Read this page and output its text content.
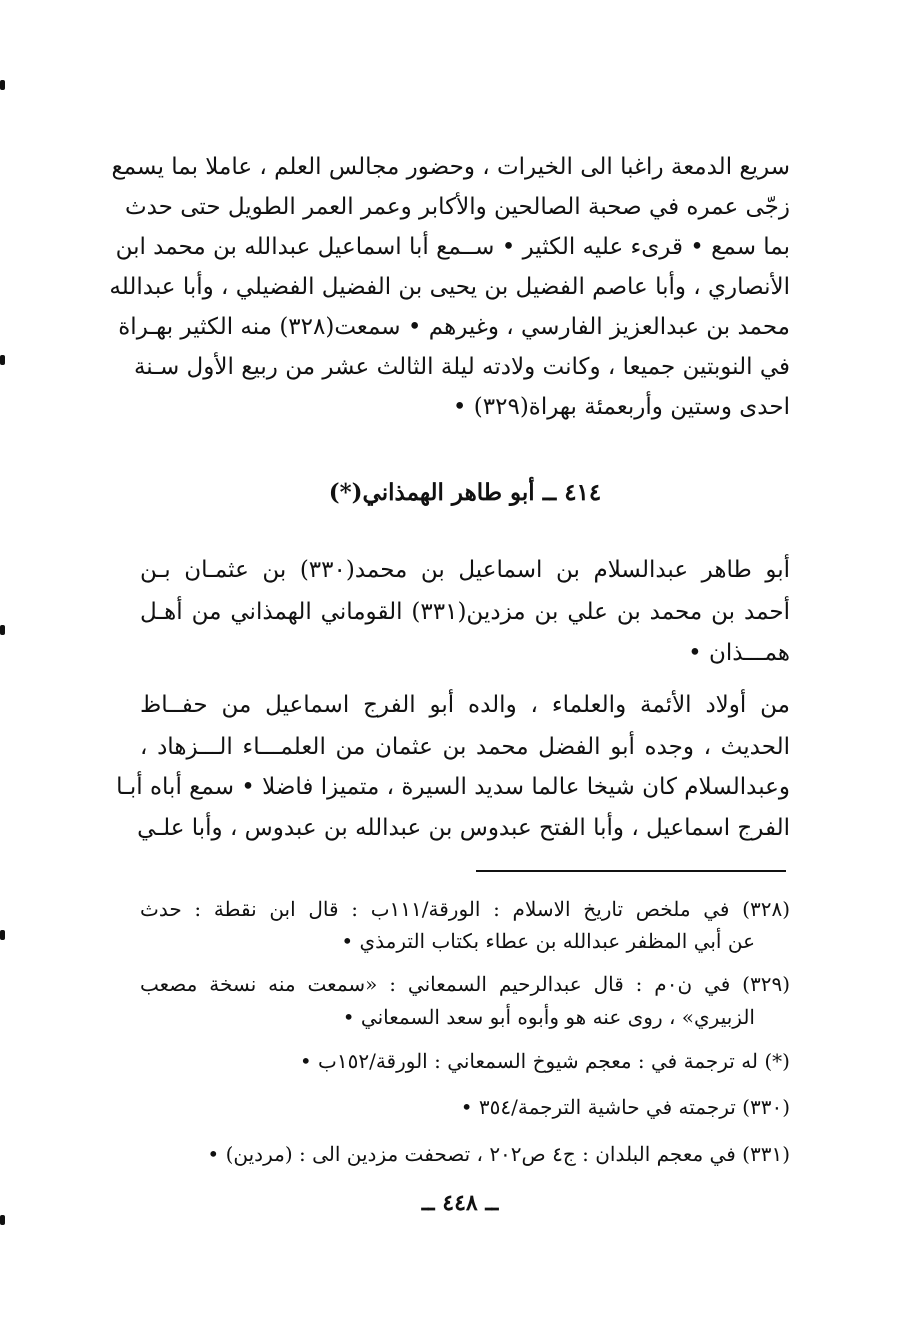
سريع الدمعة راغبا الى الخيرات ، وحضور مجالس العلم ، عاملا بما يسمع
زجّى عمره في صحبة الصالحين والأكابر وعمر العمر الطويل حتى حدث
بما سمع • قرىء عليه الكثير • ســمع أبا اسماعيل عبدالله بن محمد ابن
الأنصاري ، وأبا عاصم الفضيل بن يحيى بن الفضيل الفضيلي ، وأبا عبدالله
محمد بن عبدالعزيز الفارسي ، وغيرهم • سمعت(٣٢٨) منه الكثير بهـراة
في النوبتين جميعا ، وكانت ولادته ليلة الثالث عشر من ربيع الأول سـنة
احدى وستين وأربعمئة بهراة(٣٢٩) •
٤١٤ ــ أبو طاهر الهمذاني(*)
أبو طاهر عبدالسلام بن اسماعيل بن محمد(٣٣٠) بن عثمـان بـن
أحمد بن محمد بن علي بن مزدين(٣٣١) القوماني الهمذاني من أهـل
همـــذان •
من أولاد الأئمة والعلماء ، والده أبو الفرج اسماعيل من حفــاظ
الحديث ، وجده أبو الفضل محمد بن عثمان من العلمـــاء الـــزهاد ،
وعبدالسلام كان شيخا عالما سديد السيرة ، متميزا فاضلا • سمع أباه أبـا
الفرج اسماعيل ، وأبا الفتح عبدوس بن عبدالله بن عبدوس ، وأبا علـي
(٣٢٨) في ملخص تاريخ الاسلام : الورقة/١١١ب : قال ابن نقطة : حدث
عن أبي المظفر عبدالله بن عطاء بكتاب الترمذي •
(٣٢٩) في ن٠م : قال عبدالرحيم السمعاني : «سمعت منه نسخة مصعب
الزبيري» ، روى عنه هو وأبوه أبو سعد السمعاني •
(*) له ترجمة في : معجم شيوخ السمعاني : الورقة/١٥٢ب •
(٣٣٠) ترجمته في حاشية الترجمة/٣٥٤ •
(٣٣١) في معجم البلدان : ج٤ ص٢٠٢ ، تصحفت مزدين الى : (مردين) •
ــ ٤٤٨ ــ
